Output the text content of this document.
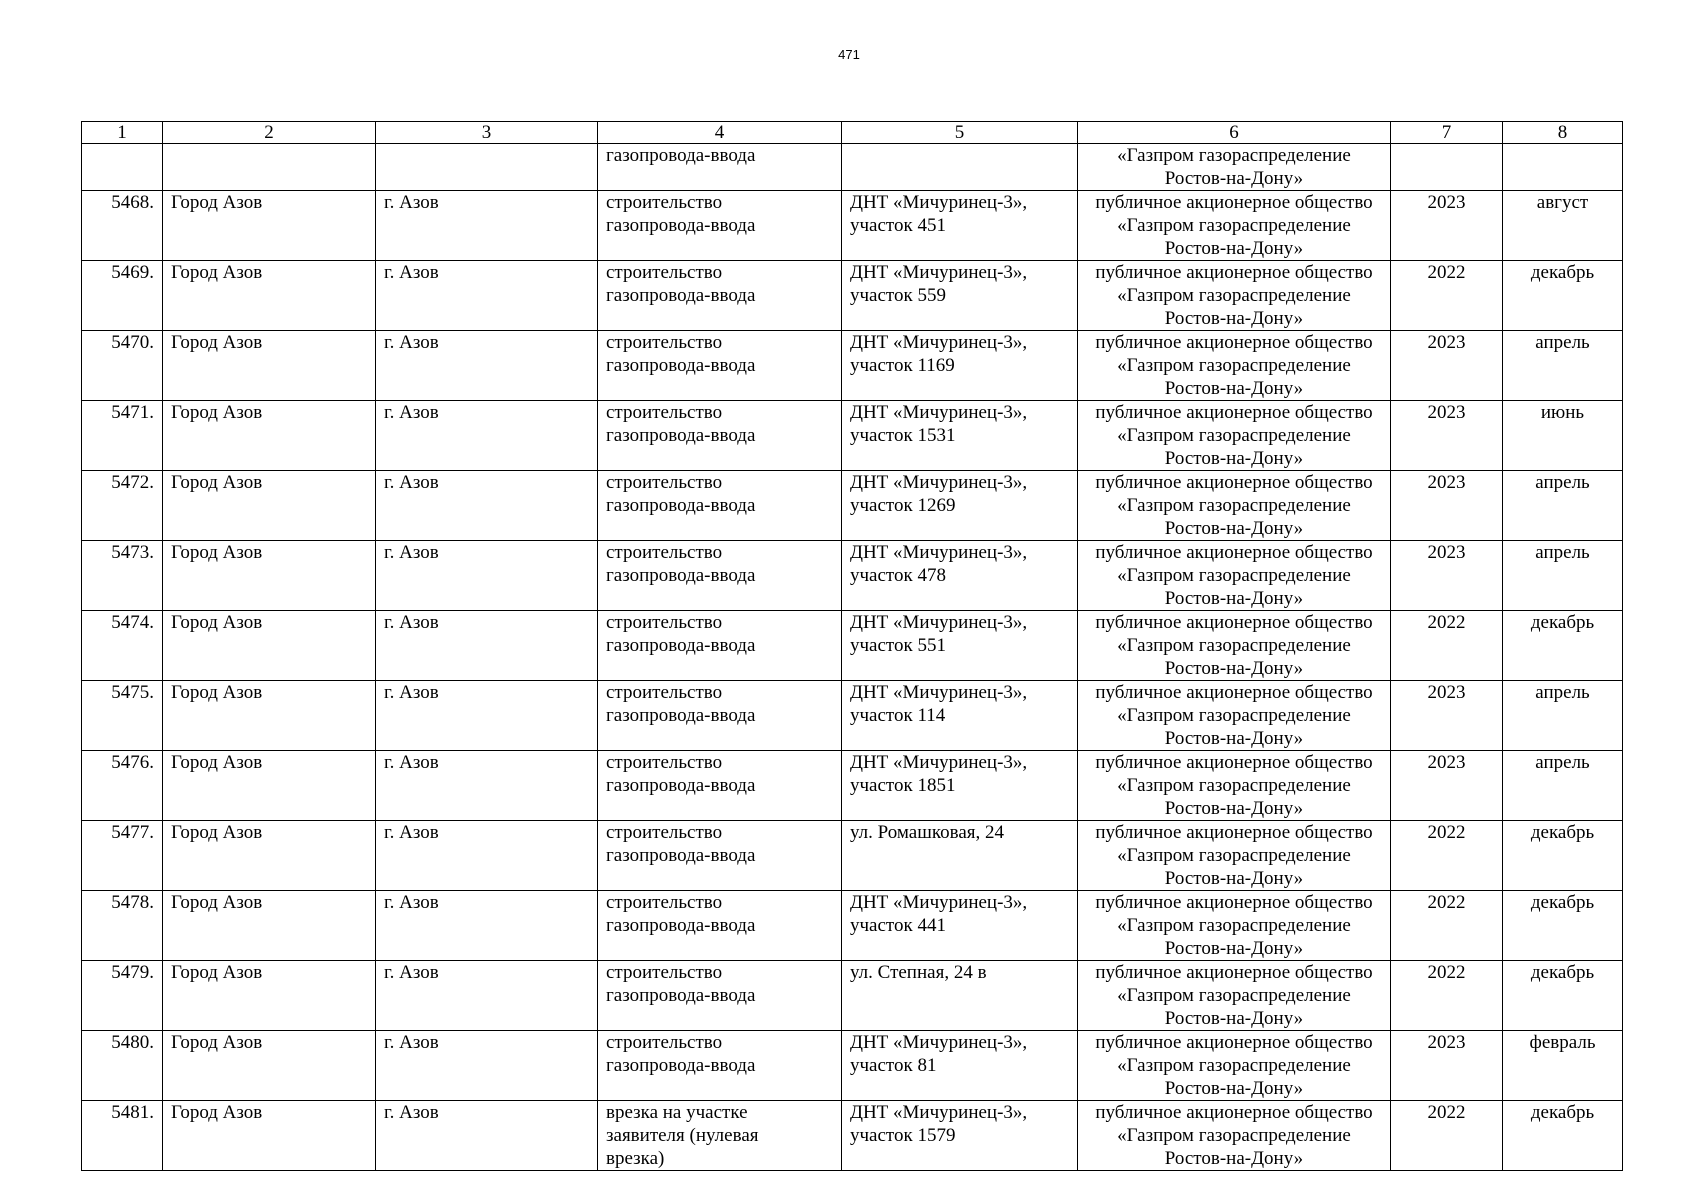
471
1	2	3	4	5	6	7	8
			газопровода-ввода		«Газпром газораспределение
Ростов-на-Дону»		
5468.	Город Азов	г. Азов	строительство
газопровода-ввода	ДНТ «Мичуринец-3»,
участок 451	публичное акционерное общество
«Газпром газораспределение
Ростов-на-Дону»	2023	август
5469.	Город Азов	г. Азов	строительство
газопровода-ввода	ДНТ «Мичуринец-3»,
участок 559	публичное акционерное общество
«Газпром газораспределение
Ростов-на-Дону»	2022	декабрь
5470.	Город Азов	г. Азов	строительство
газопровода-ввода	ДНТ «Мичуринец-3»,
участок 1169	публичное акционерное общество
«Газпром газораспределение
Ростов-на-Дону»	2023	апрель
5471.	Город Азов	г. Азов	строительство
газопровода-ввода	ДНТ «Мичуринец-3»,
участок 1531	публичное акционерное общество
«Газпром газораспределение
Ростов-на-Дону»	2023	июнь
5472.	Город Азов	г. Азов	строительство
газопровода-ввода	ДНТ «Мичуринец-3»,
участок 1269	публичное акционерное общество
«Газпром газораспределение
Ростов-на-Дону»	2023	апрель
5473.	Город Азов	г. Азов	строительство
газопровода-ввода	ДНТ «Мичуринец-3»,
участок 478	публичное акционерное общество
«Газпром газораспределение
Ростов-на-Дону»	2023	апрель
5474.	Город Азов	г. Азов	строительство
газопровода-ввода	ДНТ «Мичуринец-3»,
участок 551	публичное акционерное общество
«Газпром газораспределение
Ростов-на-Дону»	2022	декабрь
5475.	Город Азов	г. Азов	строительство
газопровода-ввода	ДНТ «Мичуринец-3»,
участок 114	публичное акционерное общество
«Газпром газораспределение
Ростов-на-Дону»	2023	апрель
5476.	Город Азов	г. Азов	строительство
газопровода-ввода	ДНТ «Мичуринец-3»,
участок 1851	публичное акционерное общество
«Газпром газораспределение
Ростов-на-Дону»	2023	апрель
5477.	Город Азов	г. Азов	строительство
газопровода-ввода	ул. Ромашковая, 24	публичное акционерное общество
«Газпром газораспределение
Ростов-на-Дону»	2022	декабрь
5478.	Город Азов	г. Азов	строительство
газопровода-ввода	ДНТ «Мичуринец-3»,
участок 441	публичное акционерное общество
«Газпром газораспределение
Ростов-на-Дону»	2022	декабрь
5479.	Город Азов	г. Азов	строительство
газопровода-ввода	ул. Степная, 24 в	публичное акционерное общество
«Газпром газораспределение
Ростов-на-Дону»	2022	декабрь
5480.	Город Азов	г. Азов	строительство
газопровода-ввода	ДНТ «Мичуринец-3»,
участок 81	публичное акционерное общество
«Газпром газораспределение
Ростов-на-Дону»	2023	февраль
5481.	Город Азов	г. Азов	врезка на участке
заявителя (нулевая
врезка)	ДНТ «Мичуринец-3»,
участок 1579	публичное акционерное общество
«Газпром газораспределение
Ростов-на-Дону»	2022	декабрь
